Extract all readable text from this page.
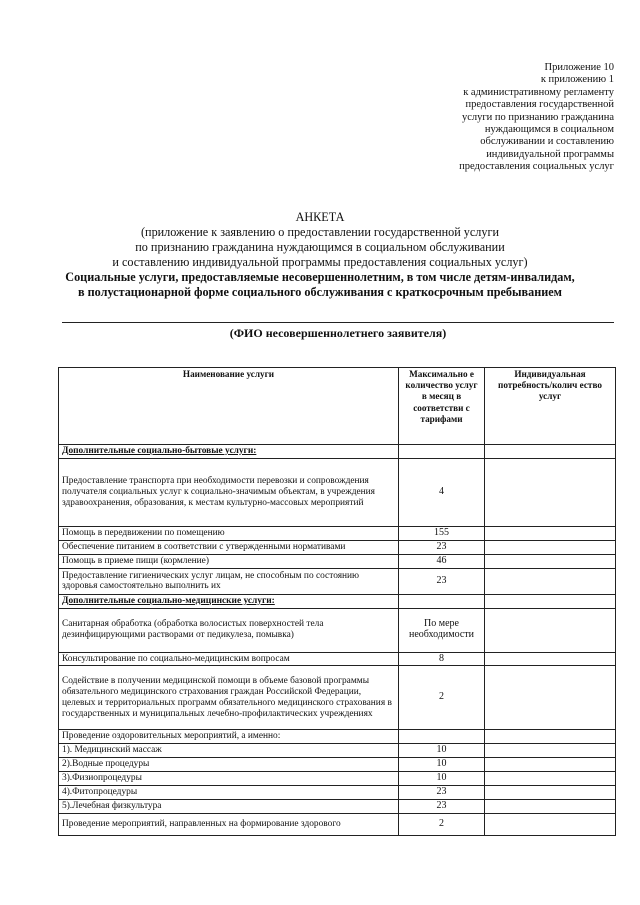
Приложение 10
к приложению 1
к административному регламенту
предоставления государственной
услуги по признанию гражданина
нуждающимся в социальном
обслуживании и составлению
индивидуальной программы
предоставления социальных услуг
АНКЕТА
(приложение к заявлению о предоставлении государственной услуги
по признанию гражданина нуждающимся в социальном обслуживании
и составлению индивидуальной программы предоставления социальных услуг)
Социальные услуги, предоставляемые несовершеннолетним, в том числе детям-инвалидам,
в полустационарной форме социального обслуживания с краткосрочным пребыванием
(ФИО несовершеннолетнего заявителя)
Наименование услуги	Максимально е количество услуг в месяц в соответстви с тарифами	Индивидуальная потребность/колич ество услуг
Дополнительные социально-бытовые услуги:		
Предоставление транспорта при необходимости перевозки и сопровождения получателя социальных услуг к социально-значимым объектам, в учреждения здравоохранения, образования, к местам культурно-массовых мероприятий	4	
Помощь в передвижении по помещению	155	
Обеспечение питанием в соответствии с утвержденными нормативами	23	
Помощь в приеме пищи (кормление)	46	
Предоставление гигиенических услуг лицам, не способным по состоянию здоровья самостоятельно выполнить их	23	
Дополнительные социально-медицинские услуги:		
Санитарная обработка (обработка волосистых поверхностей тела дезинфицирующими растворами от педикулеза, помывка)	По мере необходимости	
Консультирование по социально-медицинским вопросам	8	
Содействие в получении медицинской помощи в объеме базовой программы обязательного медицинского страхования граждан Российской Федерации, целевых и территориальных программ обязательного медицинского страхования в государственных и муниципальных лечебно-профилактических учреждениях	2	
Проведение оздоровительных мероприятий, а именно:		
1). Медицинский массаж	10	
2).Водные процедуры	10	
3).Физиопроцедуры	10	
4).Фитопроцедуры	23	
5).Лечебная физкультура	23	
Проведение мероприятий, направленных на формирование здорового	2	
